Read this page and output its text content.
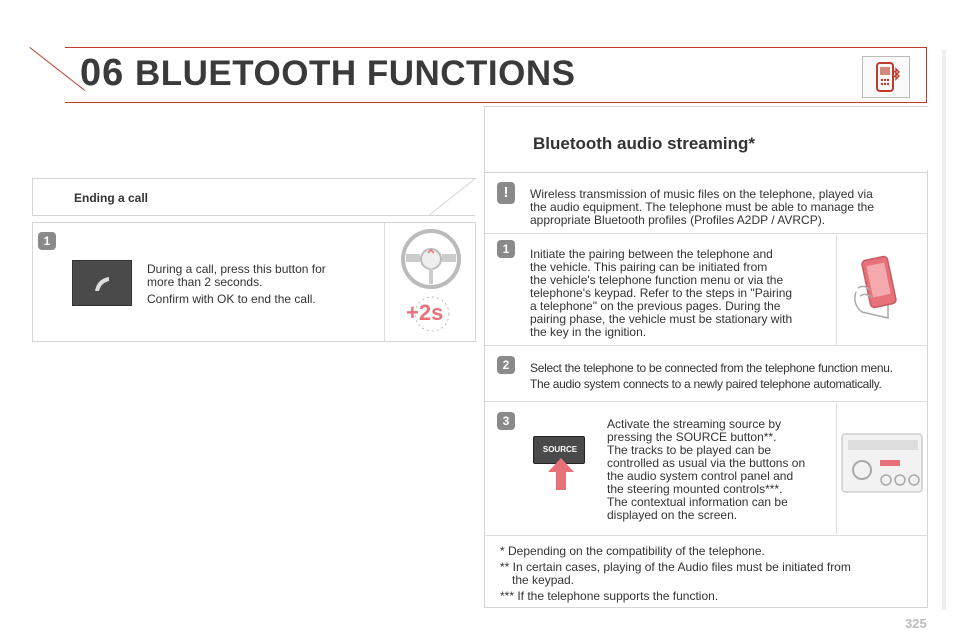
06 BLUETOOTH FUNCTIONS
Ending a call
1
During a call, press this button for
more than 2 seconds.
Confirm with OK to end the call.
+2s
Bluetooth audio streaming*
!	Wireless transmission of music files on the telephone, played via
the audio equipment. The telephone must be able to manage the
appropriate Bluetooth profiles (Profiles A2DP / AVRCP).
1	Initiate the pairing between the telephone and
the vehicle. This pairing can be initiated from
the vehicle's telephone function menu or via the
telephone's keypad. Refer to the steps in "Pairing
a telephone" on the previous pages. During the
pairing phase, the vehicle must be stationary with
the key in the ignition.
2	Select the telephone to be connected from the telephone function menu.
The audio system connects to a newly paired telephone automatically.
3
SOURCE
Activate the streaming source by
pressing the SOURCE button**.
The tracks to be played can be
controlled as usual via the buttons on
the audio system control panel and
the steering mounted controls***.
The contextual information can be
displayed on the screen.
* Depending on the compatibility of the telephone.
** In certain cases, playing of the Audio files must be initiated from
the keypad.
*** If the telephone supports the function.
325
